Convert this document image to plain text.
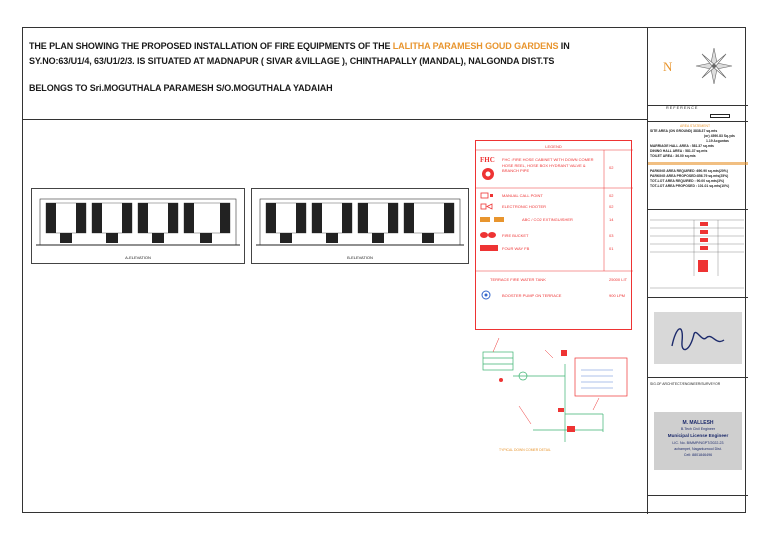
THE PLAN SHOWING THE PROPOSED INSTALLATION OF FIRE EQUIPMENTS OF THE LALITHA PARAMESH GOUD GARDENS IN
SY.NO:63/U1/4, 63/U1/2/3. IS SITUATED AT MADNAPUR ( SIVAR &VILLAGE ), CHINTHAPALLY (MANDAL), NALGONDA DIST.TS
BELONGS TO Sri.MOGUTHALA PARAMESH S/O.MOGUTHALA YADAIAH
A-ELEVATION	B-ELEVATION
LEGEND
FHC FHC :FIRE HOSE CABINET WITH DOWN COMER HOSE REEL, HOSE BOX HYDRANT VALVE & BRANCH PIPE
02
MANUAL CALL POINT	02
ELECTRONIC HOOTER	02
ABC / CO2 EXTINGUISHER	14
FIRE BUCKET	03
FOUR WAY FB	01
TERRACE FIRE WATER TANK	25000 LIT
BOOSTER PUMP ON TERRACE	900 LPM
TYPICAL DOWN COMER DETAIL
N
REFERENCE
AREA STATEMENT
SITE AREA (ON GROUND) 3838.37 sq.mts
(or) 4590.83 Sq.yds
1.19 Acguntas
MARRIAGE HALL AREA : 581.37 sq.mts
DINING HALL AREA : 581.37 sq.mts
TOILET AREA : 36.00 sq.mts
PARKING AREA REQUIRED :690.90 sq.mts(20%)
PARKING AREA PROPOSED:856.79 sq.mts(25%)
TOT-LOT AREA REQUIRED : 90.00 sq.mts(3%)
TOT-LOT AREA PROPOSED : 101.01 sq.mts(10%)
SIG.OF ARCHITECT/ENGINEER/SURVEYOR
M. MALLESH
B.Tech Civil Engineer
Municipal License Engineer
LIC. No. B/MMP/NGPT/2022-23
achampet, Nagarkurnool Dist.
Cell: 8801846496
